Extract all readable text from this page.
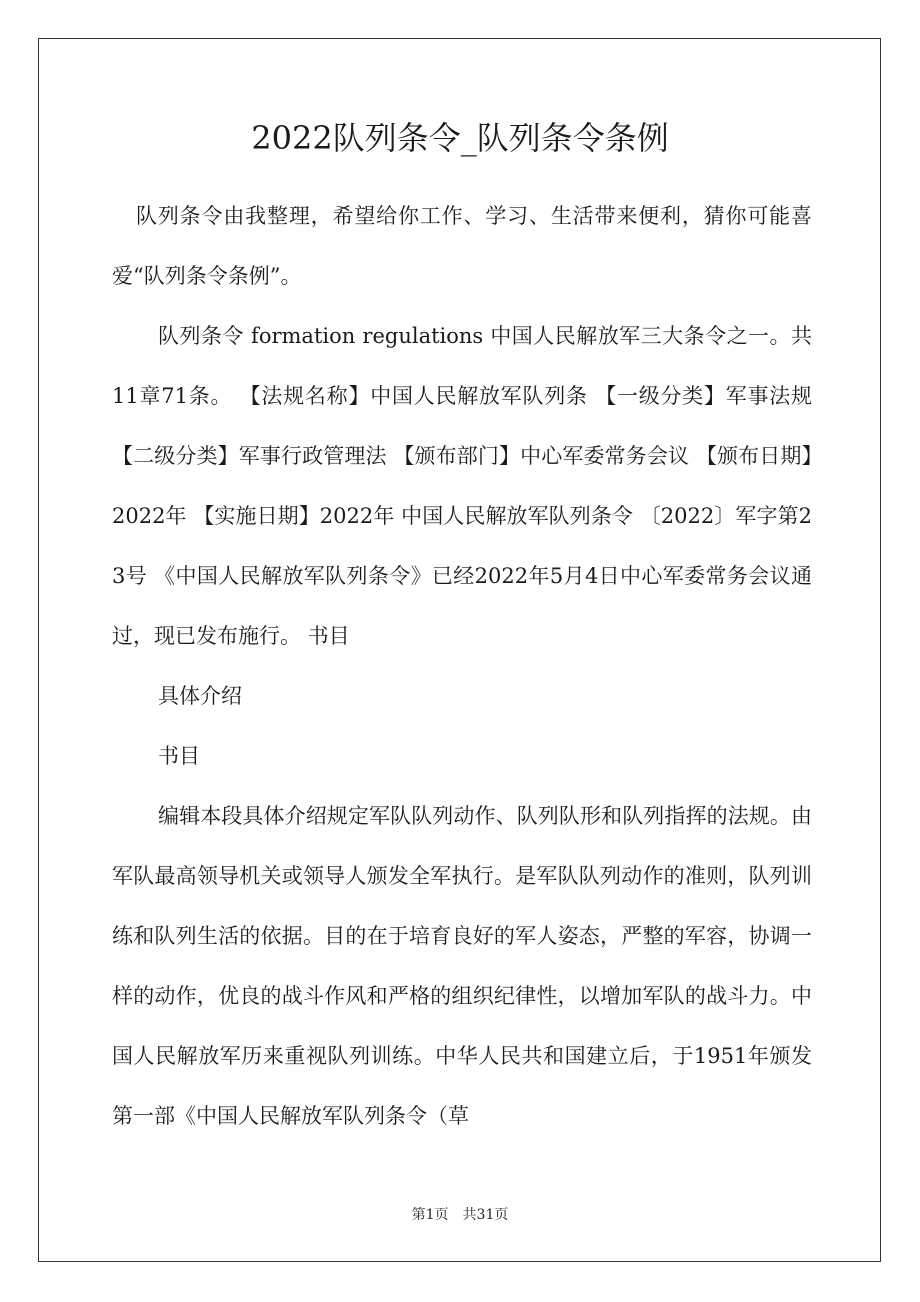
2022队列条令_队列条令条例

队列条令由我整理，希望给你工作、学习、生活带来便利，猜你可能喜爱“队列条令条例”。

队列条令 formation regulations 中国人民解放军三大条令之一。共11章71条。 【法规名称】中国人民解放军队列条 【一级分类】军事法规 【二级分类】军事行政管理法 【颁布部门】中心军委常务会议 【颁布日期】2022年 【实施日期】2022年 中国人民解放军队列条令 〔2022〕军字第23号 《中国人民解放军队列条令》已经2022年5月4日中心军委常务会议通过，现已发布施行。 书目

具体介绍

书目

编辑本段具体介绍规定军队队列动作、队列队形和队列指挥的法规。由军队最高领导机关或领导人颁发全军执行。是军队队列动作的准则，队列训练和队列生活的依据。目的在于培育良好的军人姿态，严整的军容，协调一样的动作，优良的战斗作风和严格的组织纪律性，以增加军队的战斗力。中国人民解放军历来重视队列训练。中华人民共和国建立后，于1951年颁发第一部《中国人民解放军队列条令（草

第1页 共31页
